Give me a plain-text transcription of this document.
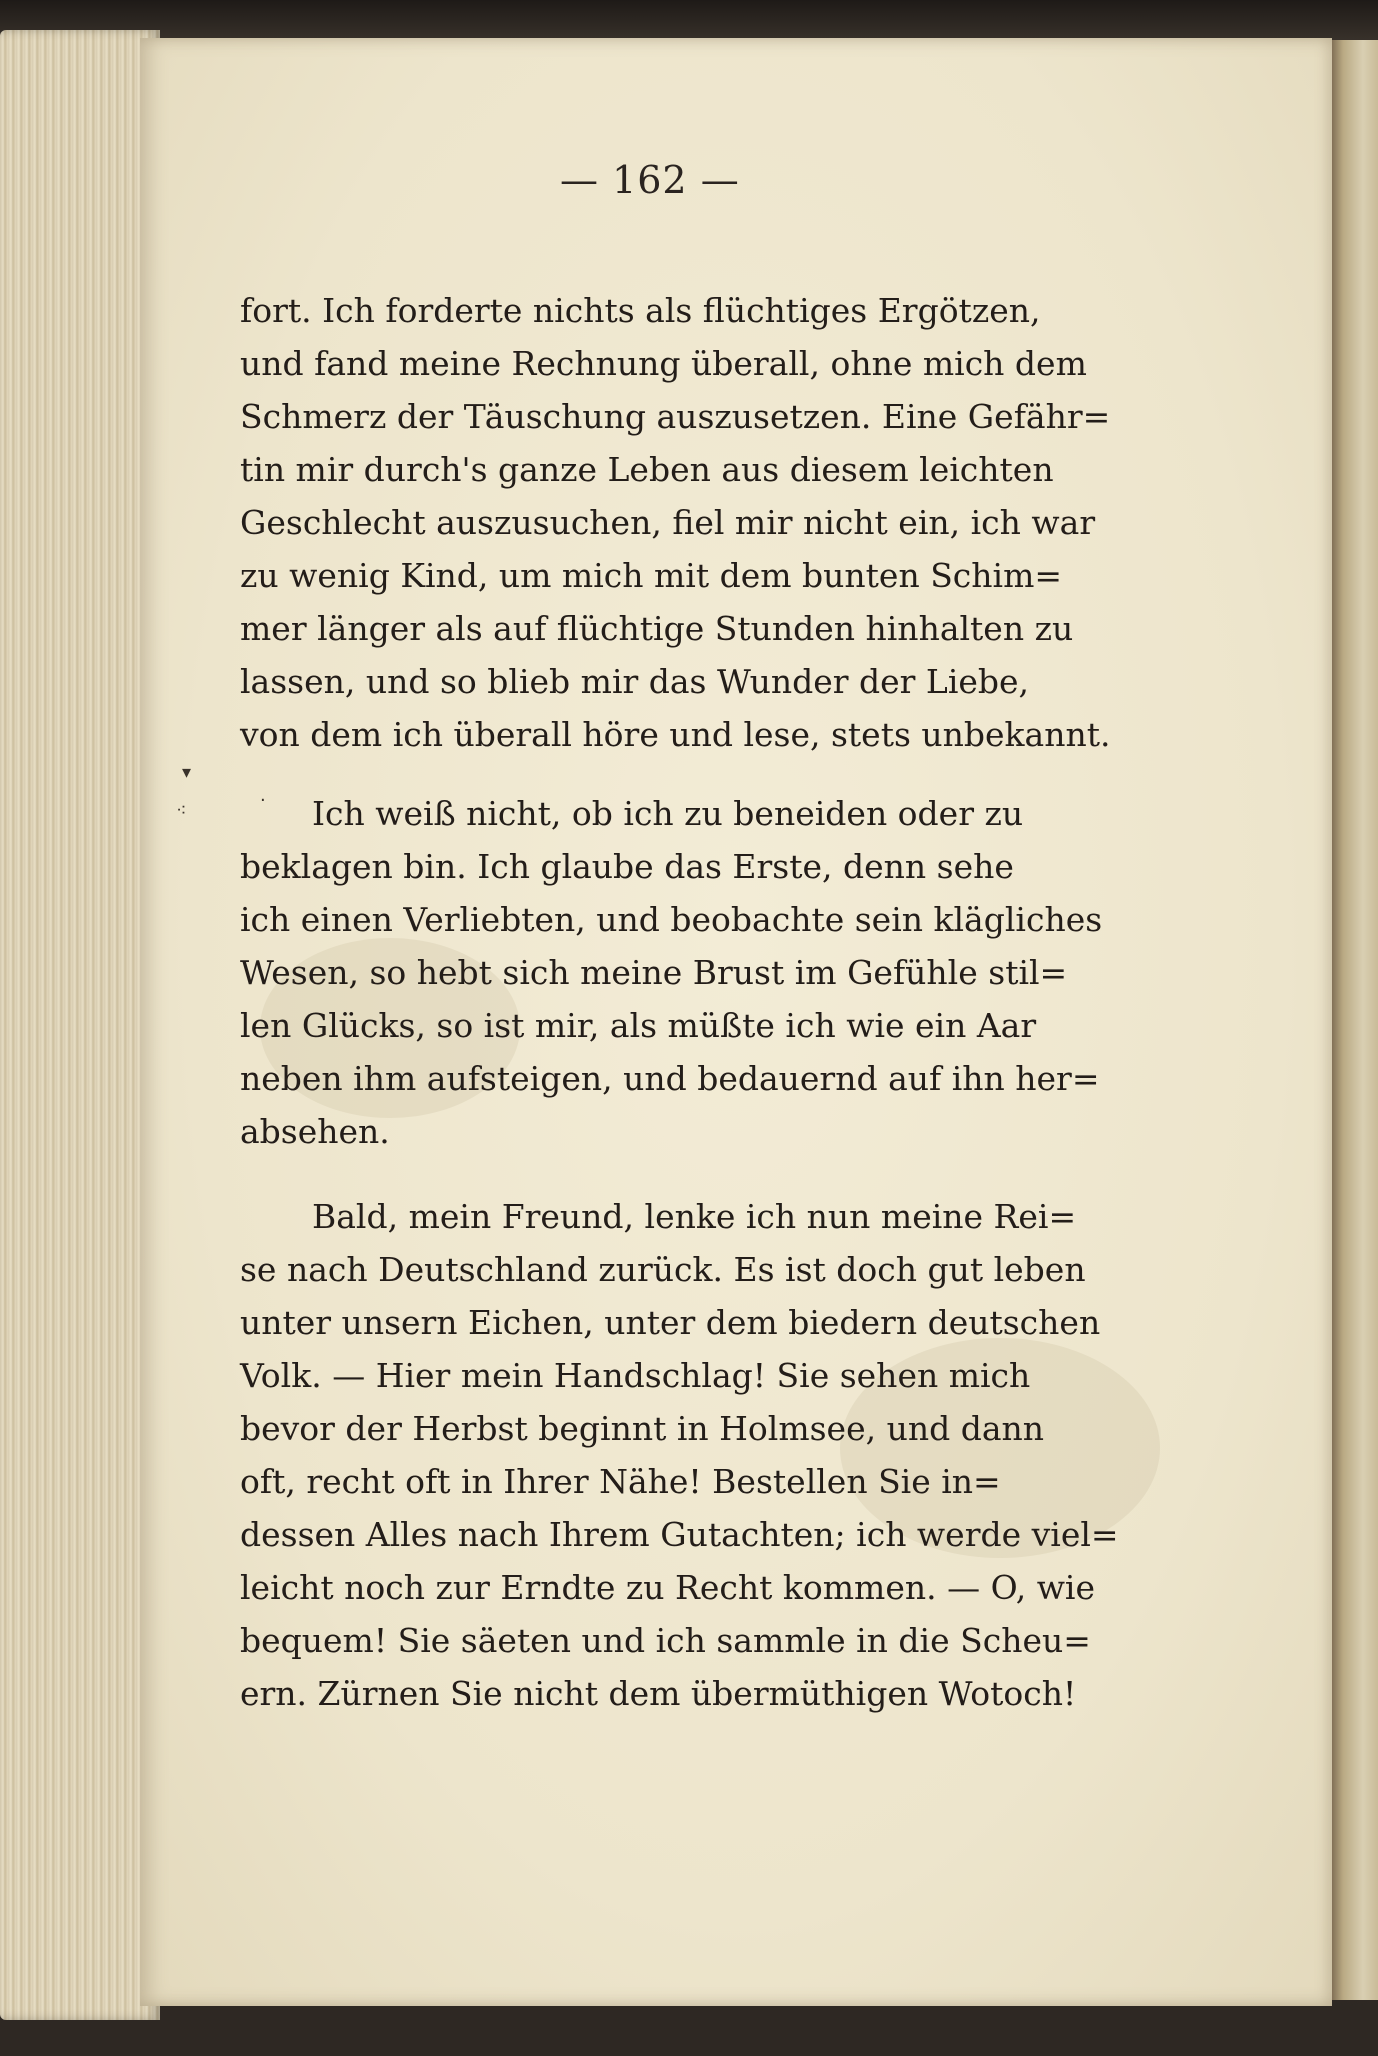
▾
⁖	·
— 162 —
fort. Ich forderte nichts als flüchtiges Ergötzen,
und fand meine Rechnung überall, ohne mich dem
Schmerz der Täuschung auszusetzen. Eine Gefähr=
tin mir durch's ganze Leben aus diesem leichten
Geschlecht auszusuchen, fiel mir nicht ein, ich war
zu wenig Kind, um mich mit dem bunten Schim=
mer länger als auf flüchtige Stunden hinhalten zu
lassen, und so blieb mir das Wunder der Liebe,
von dem ich überall höre und lese, stets unbekannt.
Ich weiß nicht, ob ich zu beneiden oder zu
beklagen bin. Ich glaube das Erste, denn sehe
ich einen Verliebten, und beobachte sein klägliches
Wesen, so hebt sich meine Brust im Gefühle stil=
len Glücks, so ist mir, als müßte ich wie ein Aar
neben ihm aufsteigen, und bedauernd auf ihn her=
absehen.
Bald, mein Freund, lenke ich nun meine Rei=
se nach Deutschland zurück. Es ist doch gut leben
unter unsern Eichen, unter dem biedern deutschen
Volk. — Hier mein Handschlag! Sie sehen mich
bevor der Herbst beginnt in Holmsee, und dann
oft, recht oft in Ihrer Nähe! Bestellen Sie in=
dessen Alles nach Ihrem Gutachten; ich werde viel=
leicht noch zur Erndte zu Recht kommen. — O, wie
bequem! Sie säeten und ich sammle in die Scheu=
ern. Zürnen Sie nicht dem übermüthigen Wotoch!
